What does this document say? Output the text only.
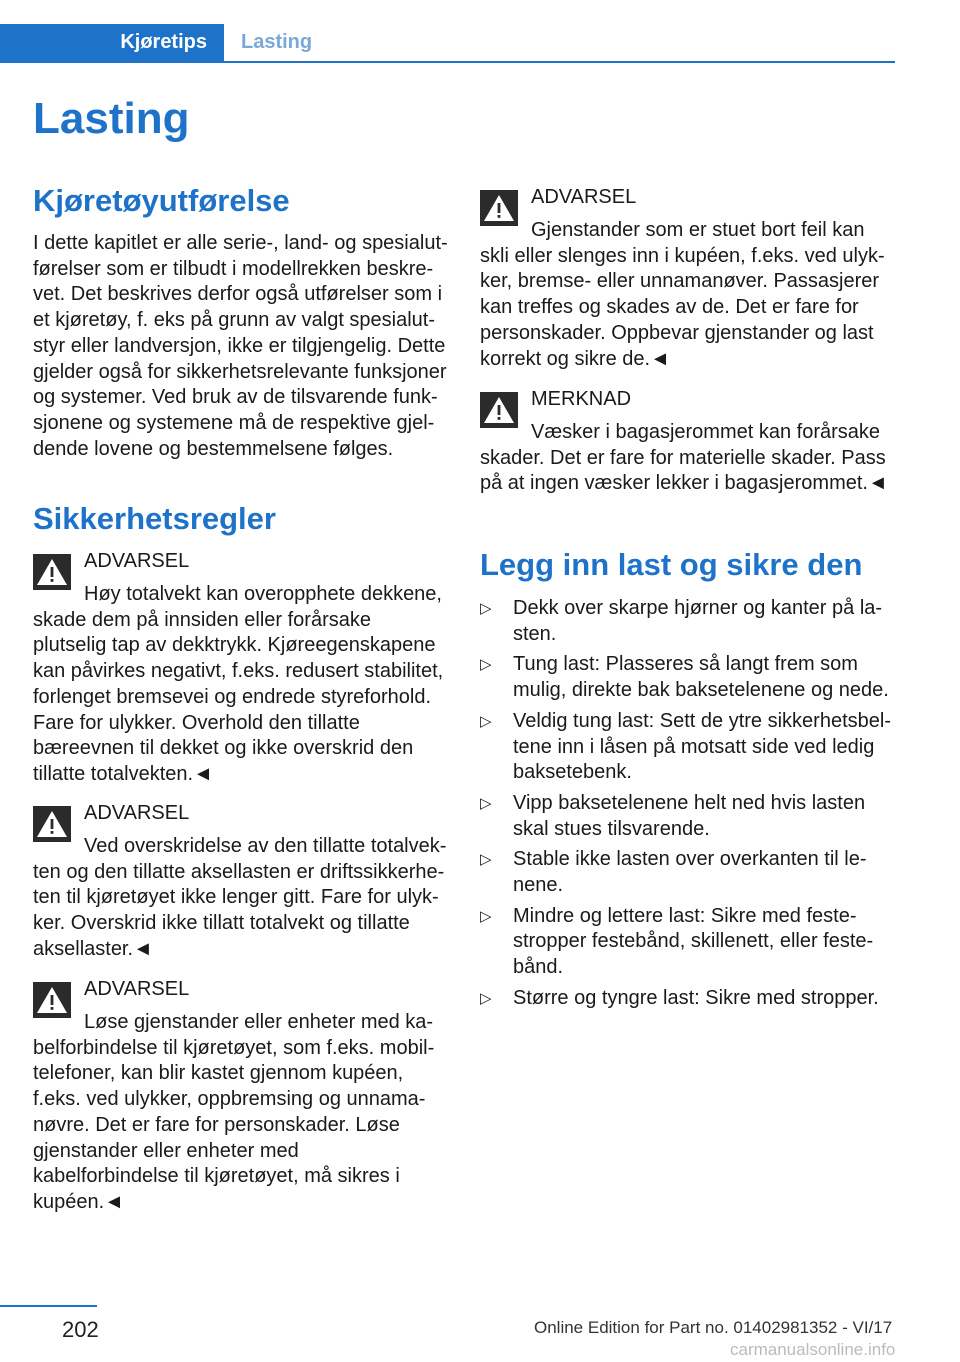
Kjøretips Lasting
Lasting
Kjøretøyutførelse

I dette kapitlet er alle serie-, land- og spesialutførelser som er tilbudt i modellrekken beskrevet. Det beskrives derfor også utførelser som i et kjøretøy, f. eks på grunn av valgt spesialutstyr eller landversjon, ikke er tilgjengelig. Dette gjelder også for sikkerhetsrelevante funksjoner og systemer. Ved bruk av de tilsvarende funksjonene og systemene må de respektive gjeldende lovene og bestemmelsene følges.

Sikkerhetsregler
ADVARSEL

Høy totalvekt kan overopphete dekkene, skade dem på innsiden eller forårsake plutselig tap av dekktrykk. Kjøreegenskapene kan påvirkes negativt, f.eks. redusert stabilitet, forlenget bremsevei og endrede styreforhold. Fare for ulykker. Overhold den tillatte bæreevnen til dekket og ikke overskrid den tillatte totalvekten.◄

ADVARSEL

Ved overskridelse av den tillatte totalvekten og den tillatte aksellasten er driftssikkerheten til kjøretøyet ikke lenger gitt. Fare for ulykker. Overskrid ikke tillatt totalvekt og tillatte aksellaster.◄

ADVARSEL

Løse gjenstander eller enheter med kabelforbindelse til kjøretøyet, som f.eks. mobiltelefoner, kan blir kastet gjennom kupéen, f.eks. ved ulykker, oppbremsing og unnamanøvre. Det er fare for personskader. Løse gjenstander eller enheter med kabelforbindelse til kjøretøyet, må sikres i kupéen.◄

ADVARSEL

Gjenstander som er stuet bort feil kan skli eller slenges inn i kupéen, f.eks. ved ulykker, bremse- eller unnamanøver. Passasjerer kan treffes og skades av de. Det er fare for personskader. Oppbevar gjenstander og last korrekt og sikre de.◄

MERKNAD

Væsker i bagasjerommet kan forårsake skader. Det er fare for materielle skader. Pass på at ingen væsker lekker i bagasjerommet.◄

Legg inn last og sikre den
▷ Dekk over skarpe hjørner og kanter på lasten.
▷ Tung last: Plasseres så langt frem som mulig, direkte bak baksetelenene og nede.
▷ Veldig tung last: Sett de ytre sikkerhetsbeltene inn i låsen på motsatt side ved ledig baksetebenk.
▷ Vipp baksetelenene helt ned hvis lasten skal stues tilsvarende.
▷ Stable ikke lasten over overkanten til lenene.
▷ Mindre og lettere last: Sikre med festestropper festebånd, skillenett, eller festebånd.
▷ Større og tyngre last: Sikre med stropper.
202	Online Edition for Part no. 01402981352 - VI/17
carmanualsonline.info
